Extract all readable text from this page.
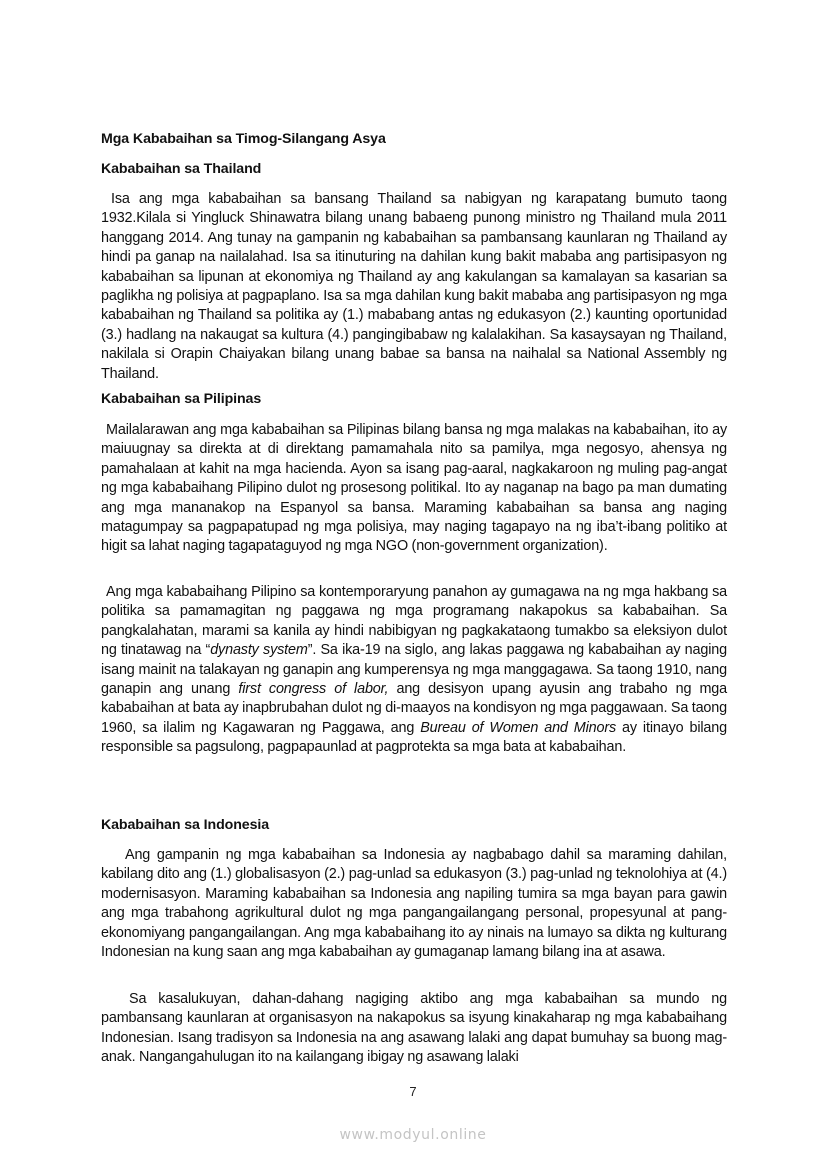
Mga Kababaihan sa Timog-Silangang Asya
Kababaihan sa Thailand

Isa ang mga kababaihan sa bansang Thailand sa nabigyan ng karapatang bumuto taong 1932.Kilala si Yingluck Shinawatra bilang unang babaeng punong ministro ng Thailand mula 2011 hanggang 2014. Ang tunay na gampanin ng kababaihan sa pambansang kaunlaran ng Thailand ay hindi pa ganap na nailalahad. Isa sa itinuturing na dahilan kung bakit mababa ang partisipasyon ng kababaihan sa lipunan at ekonomiya ng Thailand ay ang kakulangan sa kamalayan sa kasarian sa paglikha ng polisiya at pagpaplano. Isa sa mga dahilan kung bakit mababa ang partisipasyon ng mga kababaihan ng Thailand sa politika ay (1.) mababang antas ng edukasyon (2.) kaunting oportunidad (3.) hadlang na nakaugat sa kultura (4.) pangingibabaw ng kalalakihan. Sa kasaysayan ng Thailand, nakilala si Orapin Chaiyakan bilang unang babae sa bansa na naihalal sa National Assembly ng Thailand.

Kababaihan sa Pilipinas

Mailalarawan ang mga kababaihan sa Pilipinas bilang bansa ng mga malakas na kababaihan, ito ay maiuugnay sa direkta at di direktang pamamahala nito sa pamilya, mga negosyo, ahensya ng pamahalaan at kahit na mga hacienda. Ayon sa isang pag-aaral, nagkakaroon ng muling pag-angat ng mga kababaihang Pilipino dulot ng prosesong politikal. Ito ay naganap na bago pa man dumating ang mga mananakop na Espanyol sa bansa. Maraming kababaihan sa bansa ang naging matagumpay sa pagpapatupad ng mga polisiya, may naging tagapayo na ng iba’t-ibang politiko at higit sa lahat naging tagapataguyod ng mga NGO (non-government organization).

Ang mga kababaihang Pilipino sa kontemporaryung panahon ay gumagawa na ng mga hakbang sa politika sa pamamagitan ng paggawa ng mga programang nakapokus sa kababaihan. Sa pangkalahatan, marami sa kanila ay hindi nabibigyan ng pagkakataong tumakbo sa eleksiyon dulot ng tinatawag na “dynasty system”. Sa ika-19 na siglo, ang lakas paggawa ng kababaihan ay naging isang mainit na talakayan ng ganapin ang kumperensya ng mga manggagawa. Sa taong 1910, nang ganapin ang unang first congress of labor, ang desisyon upang ayusin ang trabaho ng mga kababaihan at bata ay inapbrubahan dulot ng di-maayos na kondisyon ng mga paggawaan. Sa taong 1960, sa ilalim ng Kagawaran ng Paggawa, ang Bureau of Women and Minors ay itinayo bilang responsible sa pagsulong, pagpapaunlad at pagprotekta sa mga bata at kababaihan.

Kababaihan sa Indonesia

Ang gampanin ng mga kababaihan sa Indonesia ay nagbabago dahil sa maraming dahilan, kabilang dito ang (1.) globalisasyon (2.) pag-unlad sa edukasyon (3.) pag-unlad ng teknolohiya at (4.) modernisasyon. Maraming kababaihan sa Indonesia ang napiling tumira sa mga bayan para gawin ang mga trabahong agrikultural dulot ng mga pangangailangang personal, propesyunal at pang-ekonomiyang pangangailangan. Ang mga kababaihang ito ay ninais na lumayo sa dikta ng kulturang Indonesian na kung saan ang mga kababaihan ay gumaganap lamang bilang ina at asawa.

Sa kasalukuyan, dahan-dahang nagiging aktibo ang mga kababaihan sa mundo ng pambansang kaunlaran at organisasyon na nakapokus sa isyung kinakaharap ng mga kababaihang Indonesian. Isang tradisyon sa Indonesia na ang asawang lalaki ang dapat bumuhay sa buong mag-anak. Nangangahulugan ito na kailangang ibigay ng asawang lalaki

7
www.modyul.online
